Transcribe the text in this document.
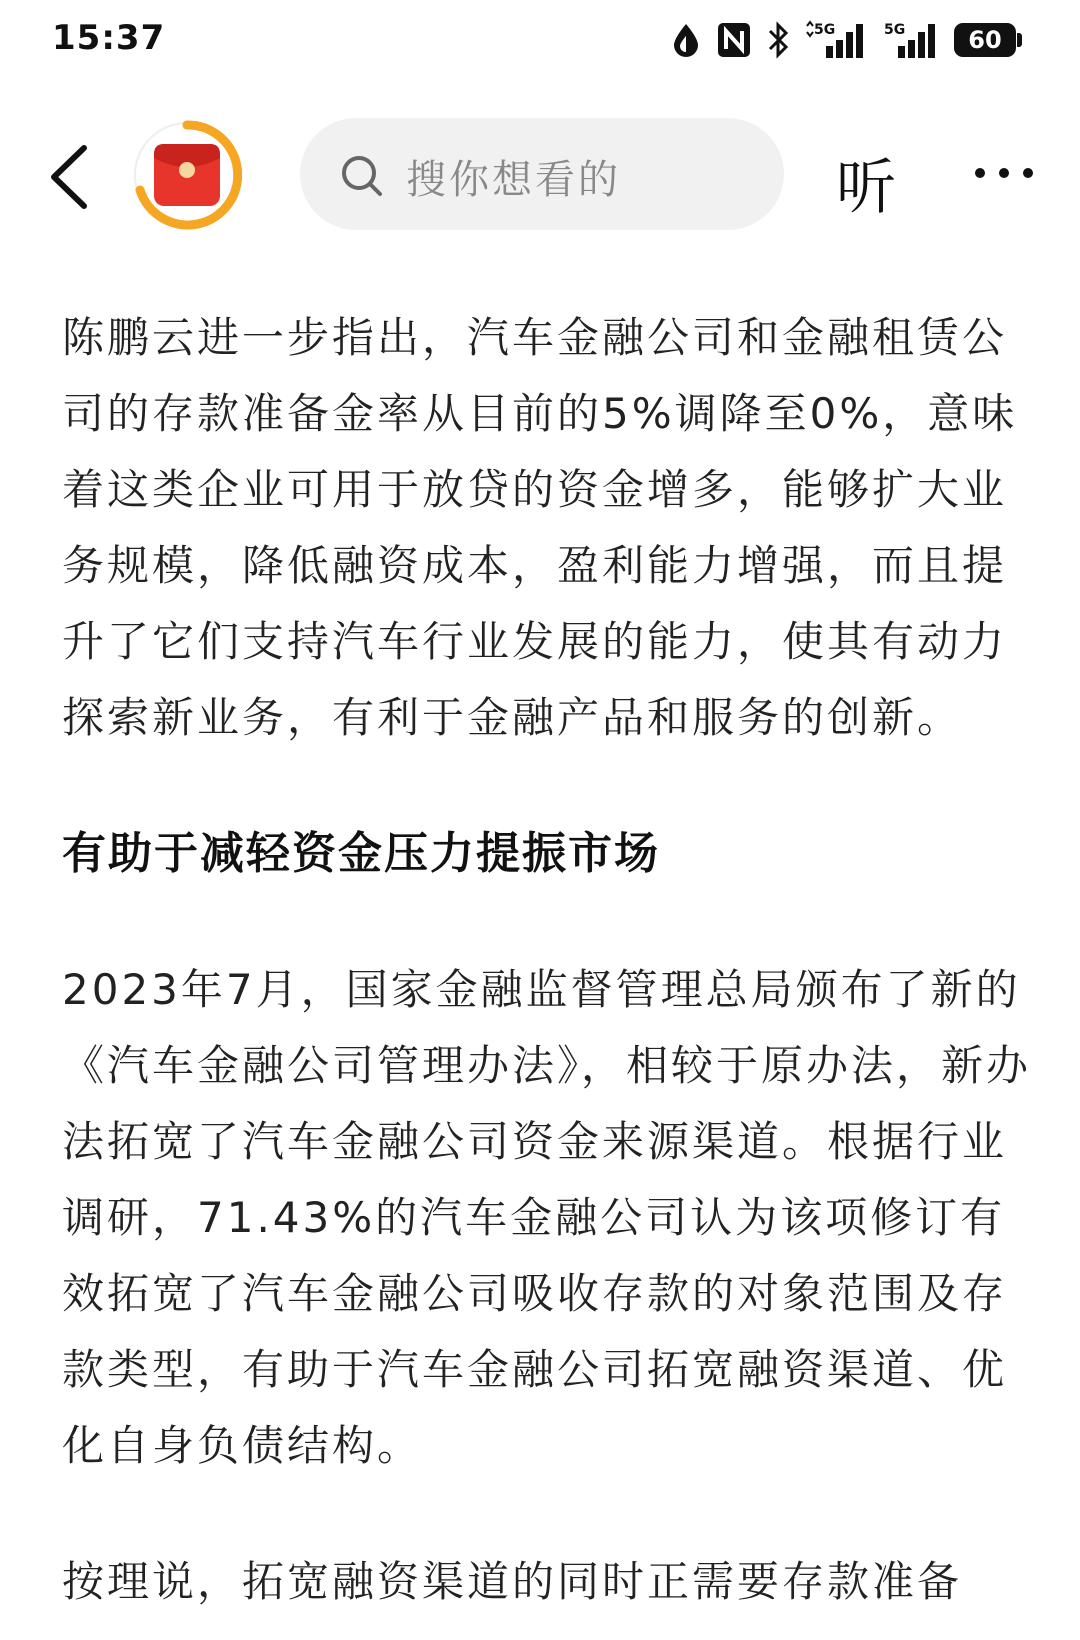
15:37	5G	5G	60
搜你想看的	听

陈鹏云进一步指出，汽车金融公司和金融租赁公司的存款准备金率从目前的5%调降至0%，意味着这类企业可用于放贷的资金增多，能够扩大业务规模，降低融资成本，盈利能力增强，而且提升了它们支持汽车行业发展的能力，使其有动力探索新业务，有利于金融产品和服务的创新。

有助于减轻资金压力提振市场

2023年7月，国家金融监督管理总局颁布了新的《汽车金融公司管理办法》，相较于原办法，新办法拓宽了汽车金融公司资金来源渠道。根据行业调研，71.43%的汽车金融公司认为该项修订有效拓宽了汽车金融公司吸收存款的对象范围及存款类型，有助于汽车金融公司拓宽融资渠道、优化自身负债结构。

按理说，拓宽融资渠道的同时正需要存款准备
